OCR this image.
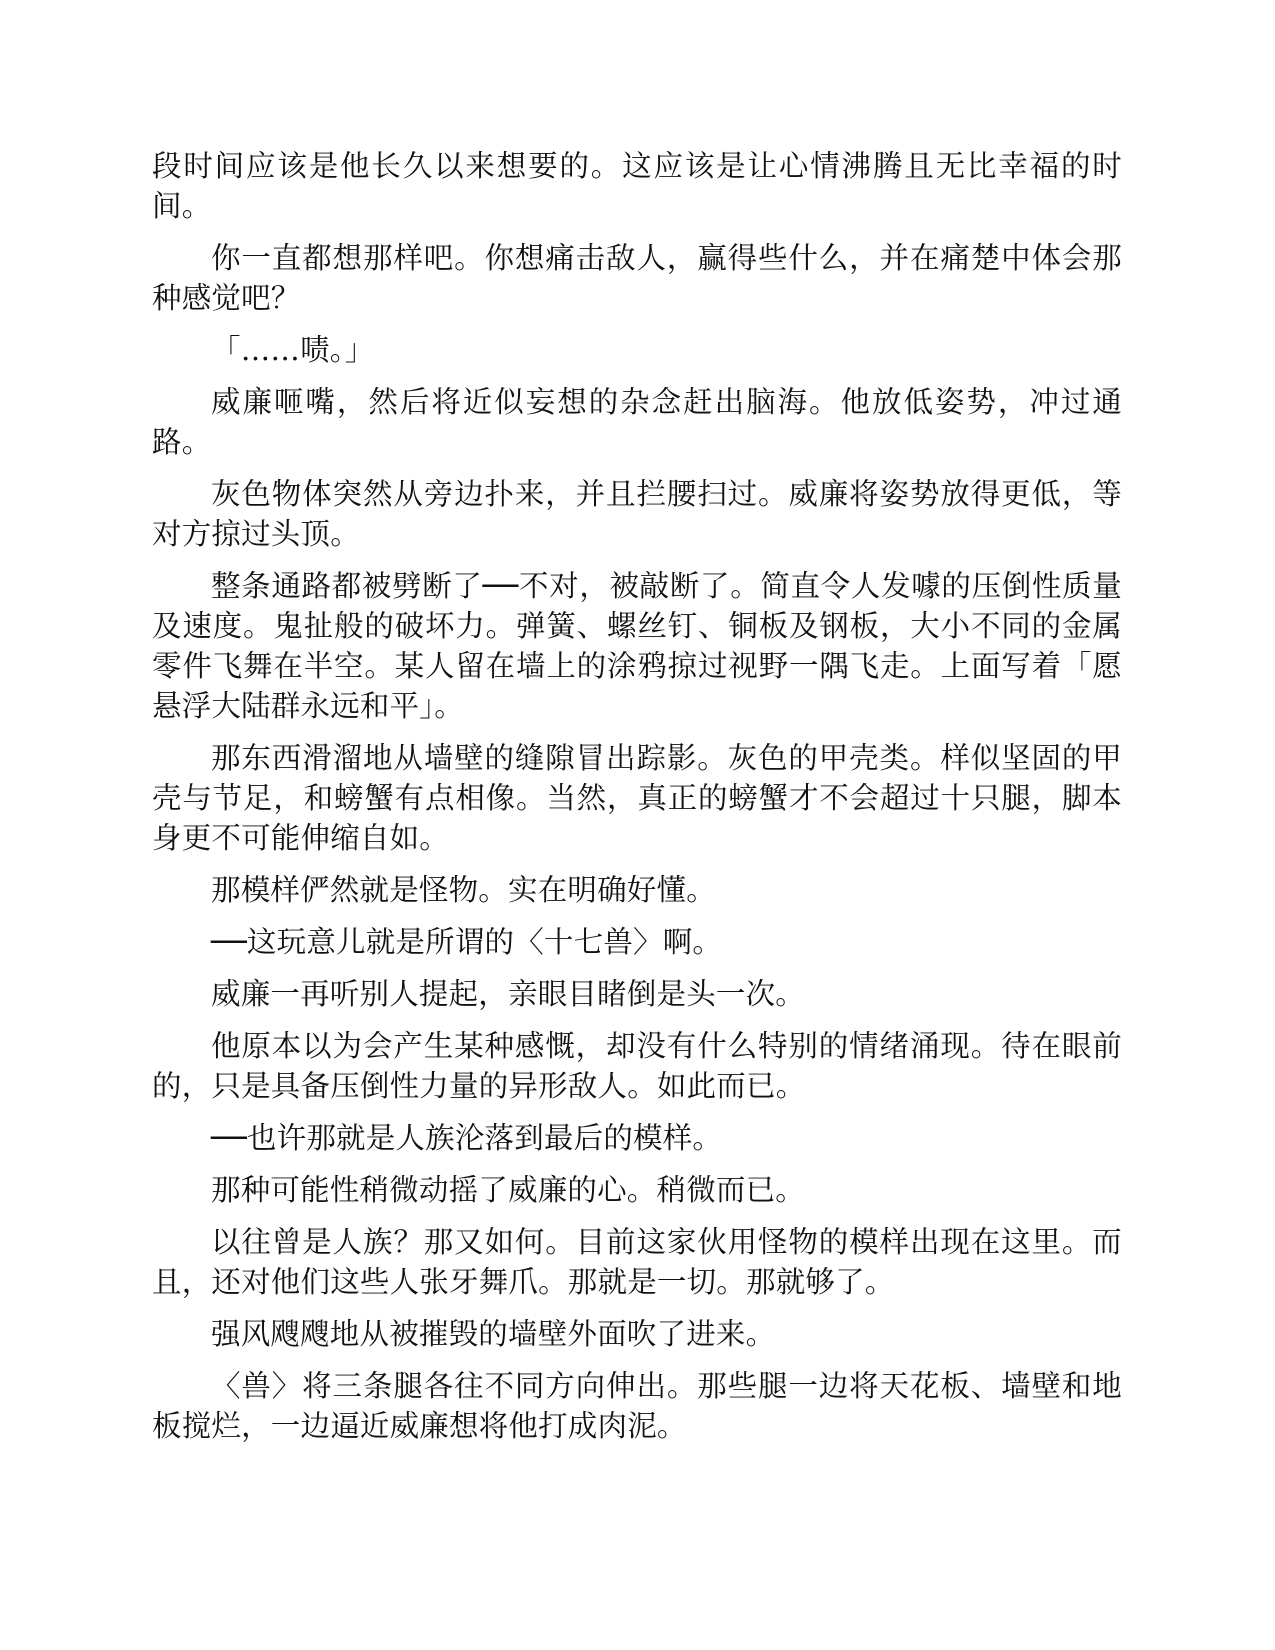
段时间应该是他长久以来想要的。这应该是让心情沸腾且无比幸福的时间。

你一直都想那样吧。你想痛击敌人，赢得些什么，并在痛楚中体会那种感觉吧？

「……啧。」

威廉咂嘴，然后将近似妄想的杂念赶出脑海。他放低姿势，冲过通路。

灰色物体突然从旁边扑来，并且拦腰扫过。威廉将姿势放得更低，等对方掠过头顶。

整条通路都被劈断了──不对，被敲断了。简直令人发噱的压倒性质量及速度。鬼扯般的破坏力。弹簧、螺丝钉、铜板及钢板，大小不同的金属零件飞舞在半空。某人留在墙上的涂鸦掠过视野一隅飞走。上面写着「愿悬浮大陆群永远和平」。

那东西滑溜地从墙壁的缝隙冒出踪影。灰色的甲壳类。样似坚固的甲壳与节足，和螃蟹有点相像。当然，真正的螃蟹才不会超过十只腿，脚本身更不可能伸缩自如。

那模样俨然就是怪物。实在明确好懂。

──这玩意儿就是所谓的〈十七兽〉啊。

威廉一再听别人提起，亲眼目睹倒是头一次。

他原本以为会产生某种感慨，却没有什么特别的情绪涌现。待在眼前的，只是具备压倒性力量的异形敌人。如此而已。

──也许那就是人族沦落到最后的模样。

那种可能性稍微动摇了威廉的心。稍微而已。

以往曾是人族？那又如何。目前这家伙用怪物的模样出现在这里。而且，还对他们这些人张牙舞爪。那就是一切。那就够了。

强风飕飕地从被摧毁的墙壁外面吹了进来。

〈兽〉将三条腿各往不同方向伸出。那些腿一边将天花板、墙壁和地板搅烂，一边逼近威廉想将他打成肉泥。
